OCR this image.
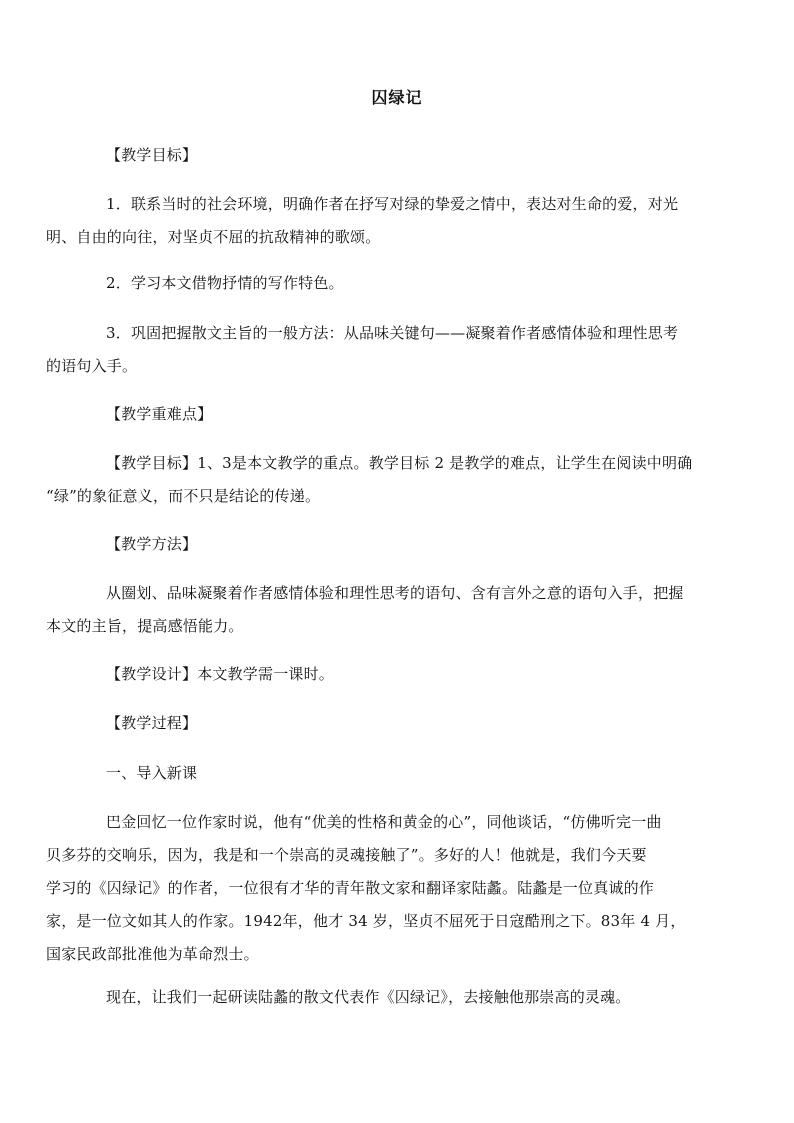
囚绿记
【教学目标】
1．联系当时的社会环境，明确作者在抒写对绿的挚爱之情中，表达对生命的爱，对光
明、自由的向往，对坚贞不屈的抗敌精神的歌颂。
2．学习本文借物抒情的写作特色。
3．巩固把握散文主旨的一般方法：从品味关键句——凝聚着作者感情体验和理性思考
的语句入手。
【教学重难点】
【教学目标】1、3是本文教学的重点。教学目标 2 是教学的难点，让学生在阅读中明确
“绿”的象征意义，而不只是结论的传递。
【教学方法】
从圈划、品味凝聚着作者感情体验和理性思考的语句、含有言外之意的语句入手，把握
本文的主旨，提高感悟能力。
【教学设计】本文教学需一课时。
【教学过程】
一、导入新课
巴金回忆一位作家时说，他有“优美的性格和黄金的心”，同他谈话，“仿佛听完一曲
贝多芬的交响乐，因为，我是和一个崇高的灵魂接触了”。多好的人！他就是，我们今天要
学习的《囚绿记》的作者，一位很有才华的青年散文家和翻译家陆蠡。陆蠡是一位真诚的作
家，是一位文如其人的作家。1942年，他才 34 岁，坚贞不屈死于日寇酷刑之下。83年 4 月，
国家民政部批准他为革命烈士。
现在，让我们一起研读陆蠡的散文代表作《囚绿记》，去接触他那崇高的灵魂。
